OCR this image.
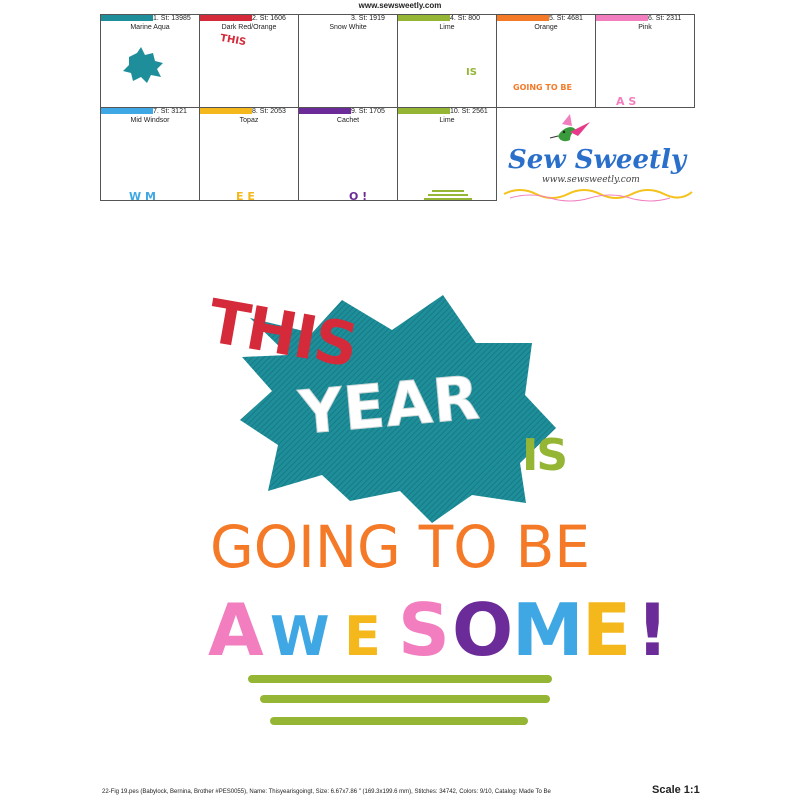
www.sewsweetly.com
1. St: 13985
Marine Aqua
2. St: 1606
Dark Red/Orange
THIS
3. St: 1919
Snow White
4. St: 800
Lime
IS
5. St: 4681
Orange
GOING TO BE
6. St: 2311
Pink
A S
7. St: 3121
Mid Windsor
W M
8. St: 2053
Topaz
E E
9. St: 1705
Cachet
O !
10. St: 2561
Lime
Sew Sweetly
www.sewsweetly.com
THIS
YEAR
IS
GOING TO BE
A W E S O
M
E !
22-Fig 19.pes (Babylock, Bernina, Brother #PES0055), Name: Thisyearisgoingt, Size: 6.67x7.86 " (169.3x199.6 mm), Stitches: 34742, Colors: 9/10, Catalog: Made To Be	Scale 1:1
